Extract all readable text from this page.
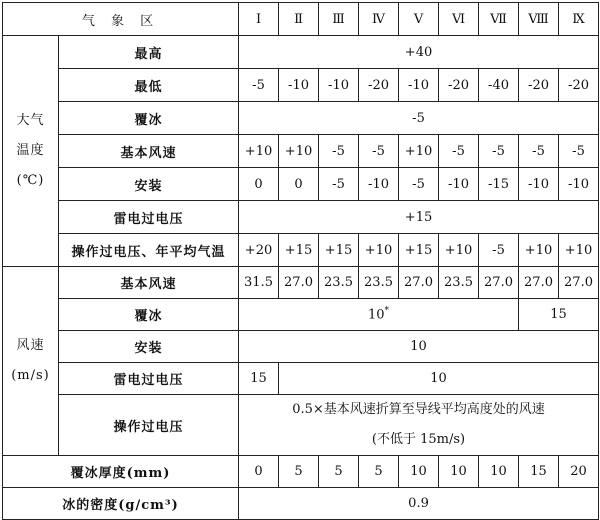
气 象 区		Ⅰ	Ⅱ	Ⅲ	Ⅳ	Ⅴ	Ⅵ	Ⅶ	Ⅷ	Ⅸ
大气
温度
(℃)	最高	+40								
	最低	-5	-10	-10	-20	-10	-20	-40	-20	-20
	覆冰	-5								
	基本风速	+10	+10	-5	-5	+10	-5	-5	-5	-5
	安装	0	0	-5	-10	-5	-10	-15	-10	-10
	雷电过电压	+15								
	操作过电压、年平均气温	+20	+15	+15	+10	+15	+10	-5	+10	+10
风速
(m/s)	基本风速	31.5	27.0	23.5	23.5	27.0	23.5	27.0	27.0	27.0
	覆冰	10*							15	
	安装	10								
	雷电过电压	15	10							
	操作过电压	0.5×基本风速折算至导线平均高度处的风速
(不低于 15m/s)								
覆冰厚度(mm)		0	5	5	5	10	10	10	15	20
冰的密度(g/cm³)		0.9								
